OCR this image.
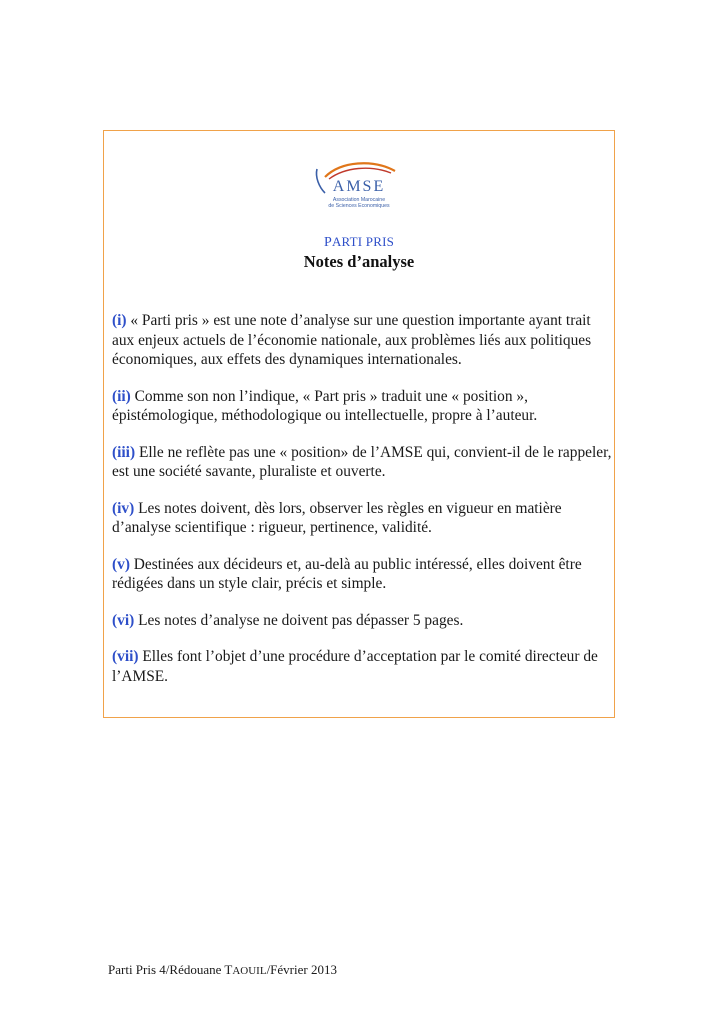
AMSE
Association Marocaine
de Sciences Economiques
PARTI PRIS
Notes d’analyse

(i) « Parti pris » est une note d’analyse sur une question importante ayant trait aux enjeux actuels de l’économie nationale, aux problèmes liés aux politiques économiques, aux effets des dynamiques internationales.

(ii) Comme son non l’indique, « Part pris » traduit une « position », épistémologique, méthodologique ou intellectuelle, propre à l’auteur.

(iii) Elle ne reflète pas une « position» de l’AMSE qui, convient-il de le rappeler, est une société savante, pluraliste et ouverte.

(iv) Les notes doivent, dès lors, observer les règles en vigueur en matière d’analyse scientifique : rigueur, pertinence, validité.

(v) Destinées aux décideurs et, au-delà au public intéressé, elles doivent être rédigées dans un style clair, précis et simple.

(vi) Les notes d’analyse ne doivent pas dépasser 5 pages.

(vii) Elles font l’objet d’une procédure d’acceptation par le comité directeur de l’AMSE.

Parti Pris 4/Rédouane TAOUIL/Février 2013
